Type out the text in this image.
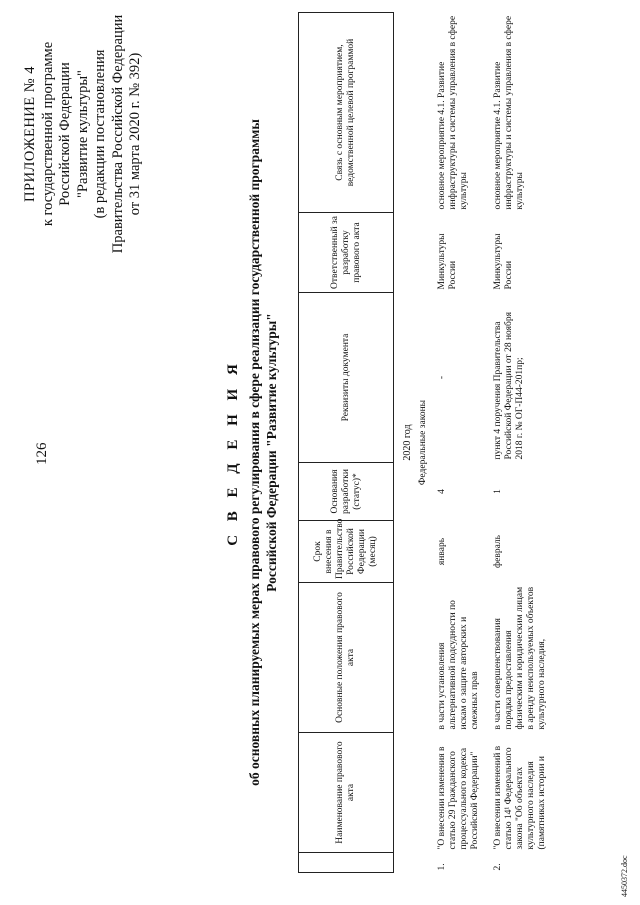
126
ПРИЛОЖЕНИЕ № 4 к государственной программе Российской Федерации "Развитие культуры" (в редакции постановления Правительства Российской Федерации от 31 марта 2020 г. № 392)
С В Е Д Е Н И Я об основных планируемых мерах правового регулирования в сфере реализации государственной программы Российской Федерации "Развитие культуры"
	Наименование правового акта	Основные положения правового акта	Срок внесения в Правительство Российской Федерации (месяц)	Основания разработки (статус)*	Реквизиты документа	Ответственный за разработку правового акта	Связь с основным мероприятием, ведомственной целевой программой
2020 год							
Федеральные законы							
1.	"О внесении изменения в статью 29 Гражданского процессуального кодекса Российской Федерации"	в части установления альтернативной подсудности по искам о защите авторских и смежных прав	январь	4	-	Минкультуры России	основное мероприятие 4.1. Развитие инфраструктуры и системы управления в сфере культуры
2.	"О внесении изменений в статью 14¹ Федерального закона "Об объектах культурного наследия (памятниках истории и	в части совершенствования порядка предоставления физическим и юридическим лицам в аренду неиспользуемых объектов культурного наследия,	февраль	1	пункт 4 поручения Правительства Российской Федерации от 28 ноября 2018 г. № ОГ-П44-201пр;	Минкультуры России	основное мероприятие 4.1. Развитие инфраструктуры и системы управления в сфере культуры
4450372.doc
